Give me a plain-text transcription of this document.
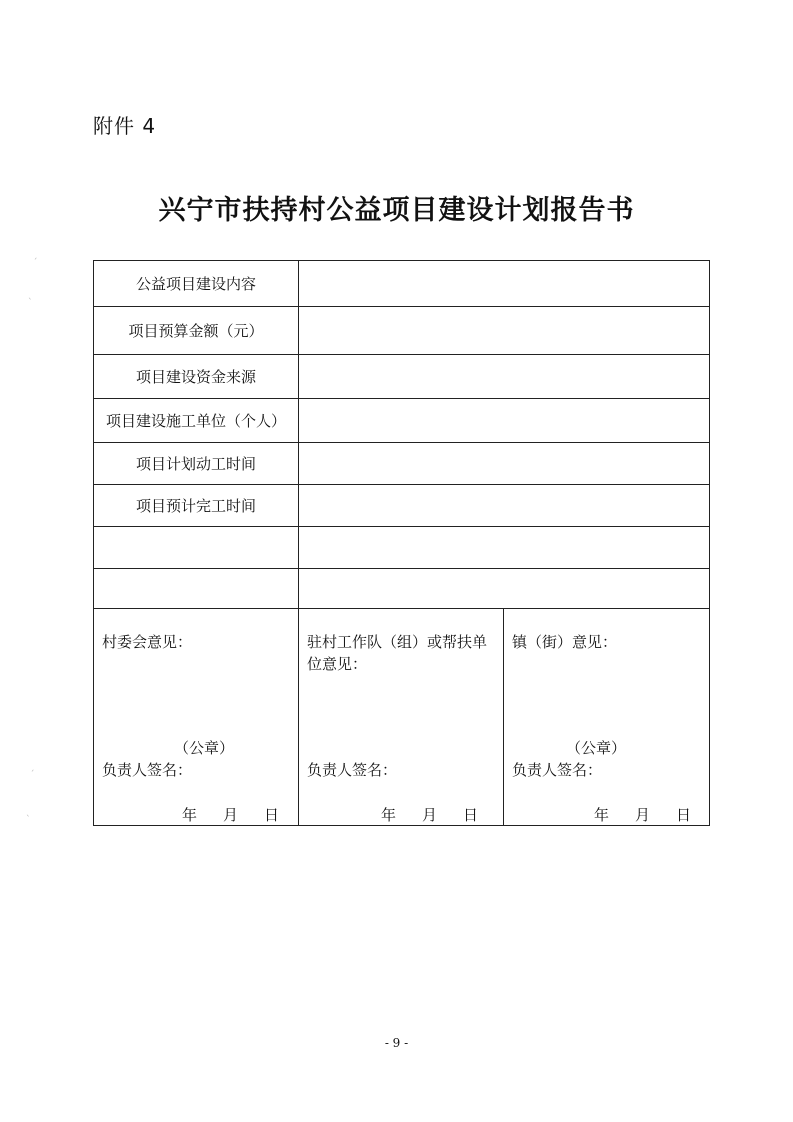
ˊ
ˋ
ˊ
ˋ
附件 4
兴宁市扶持村公益项目建设计划报告书
公益项目建设内容
项目预算金额（元）
项目建设资金来源
项目建设施工单位（个人）
项目计划动工时间
项目预计完工时间
村委会意见：
（公章）
负责人签名：
年 月 日
驻村工作队（组）或帮扶单位意见：
负责人签名：
年 月 日
镇（街）意见：
（公章）
负责人签名：
年 月 日
- 9 -
